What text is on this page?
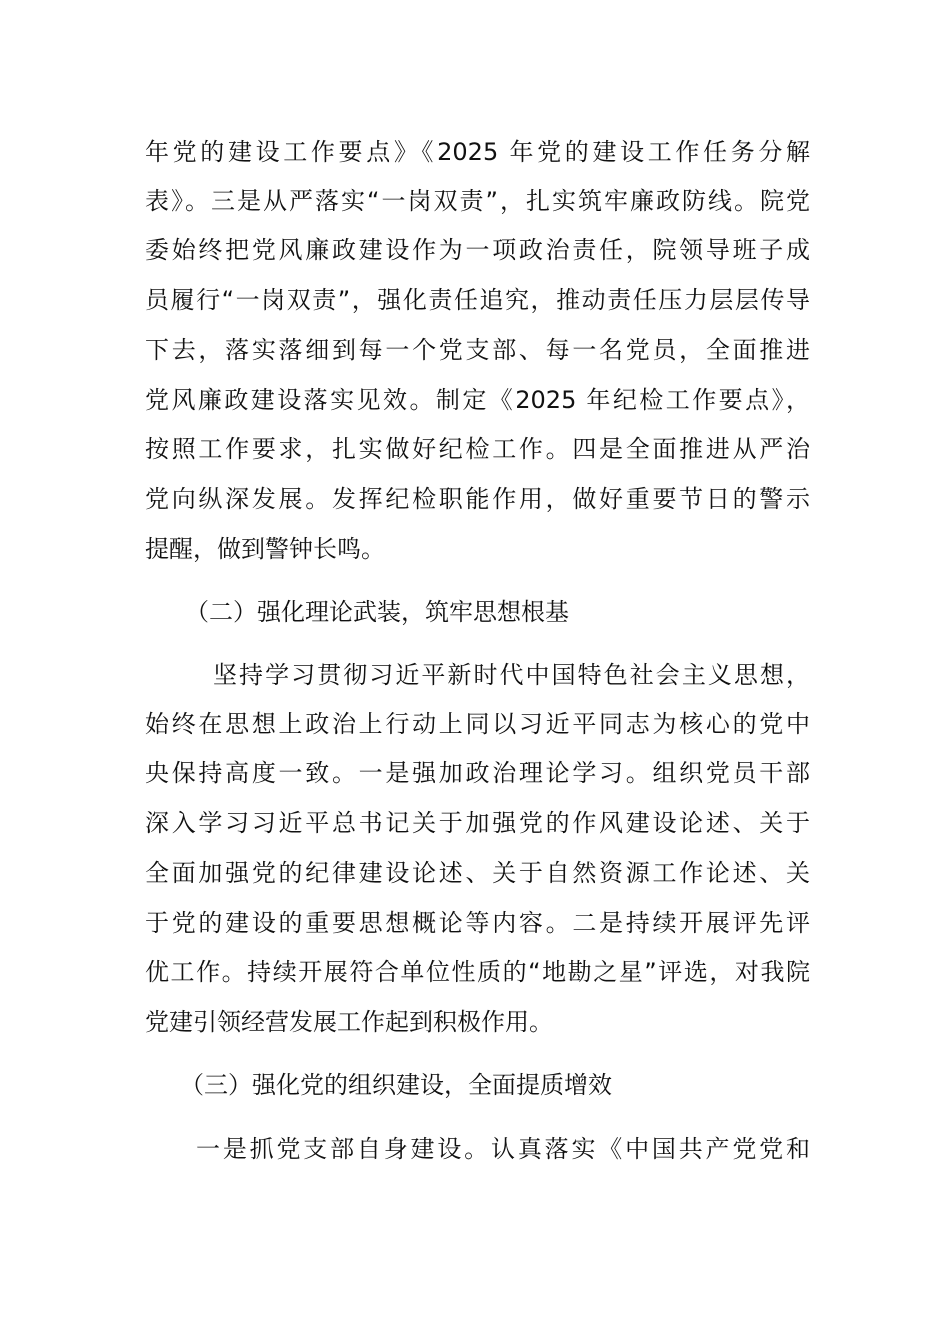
年党的建设工作要点》《2025 年党的建设工作任务分解
表》。三是从严落实“一岗双责”，扎实筑牢廉政防线。院党
委始终把党风廉政建设作为一项政治责任，院领导班子成
员履行“一岗双责”，强化责任追究，推动责任压力层层传导
下去，落实落细到每一个党支部、每一名党员，全面推进
党风廉政建设落实见效。制定《2025 年纪检工作要点》，
按照工作要求，扎实做好纪检工作。四是全面推进从严治
党向纵深发展。发挥纪检职能作用，做好重要节日的警示
提醒，做到警钟长鸣。
（二）强化理论武装，筑牢思想根基
坚持学习贯彻习近平新时代中国特色社会主义思想，
始终在思想上政治上行动上同以习近平同志为核心的党中
央保持高度一致。一是强加政治理论学习。组织党员干部
深入学习习近平总书记关于加强党的作风建设论述、关于
全面加强党的纪律建设论述、关于自然资源工作论述、关
于党的建设的重要思想概论等内容。二是持续开展评先评
优工作。持续开展符合单位性质的“地勘之星”评选，对我院
党建引领经营发展工作起到积极作用。
（三）强化党的组织建设，全面提质增效
一是抓党支部自身建设。认真落实《中国共产党党和
